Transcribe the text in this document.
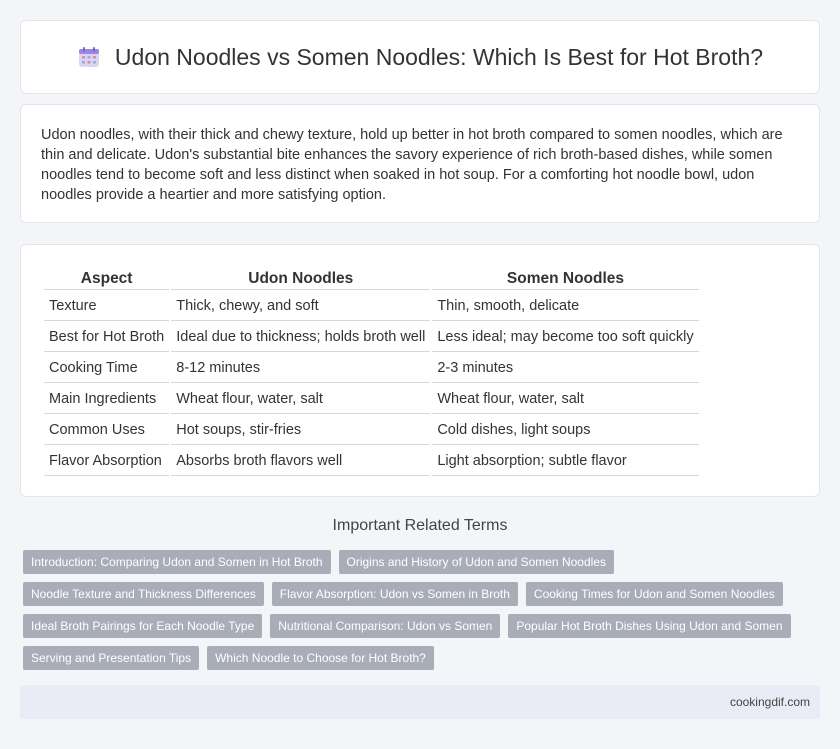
Udon Noodles vs Somen Noodles: Which Is Best for Hot Broth?

Udon noodles, with their thick and chewy texture, hold up better in hot broth compared to somen noodles, which are thin and delicate. Udon's substantial bite enhances the savory experience of rich broth-based dishes, while somen noodles tend to become soft and less distinct when soaked in hot soup. For a comforting hot noodle bowl, udon noodles provide a heartier and more satisfying option.

Aspect	Udon Noodles	Somen Noodles
Texture	Thick, chewy, and soft	Thin, smooth, delicate
Best for Hot Broth	Ideal due to thickness; holds broth well	Less ideal; may become too soft quickly
Cooking Time	8-12 minutes	2-3 minutes
Main Ingredients	Wheat flour, water, salt	Wheat flour, water, salt
Common Uses	Hot soups, stir-fries	Cold dishes, light soups
Flavor Absorption	Absorbs broth flavors well	Light absorption; subtle flavor
Important Related Terms
Introduction: Comparing Udon and Somen in Hot Broth	Origins and History of Udon and Somen Noodles
Noodle Texture and Thickness Differences	Flavor Absorption: Udon vs Somen in Broth	Cooking Times for Udon and Somen Noodles
Ideal Broth Pairings for Each Noodle Type	Nutritional Comparison: Udon vs Somen	Popular Hot Broth Dishes Using Udon and Somen
Serving and Presentation Tips	Which Noodle to Choose for Hot Broth?
cookingdif.com
